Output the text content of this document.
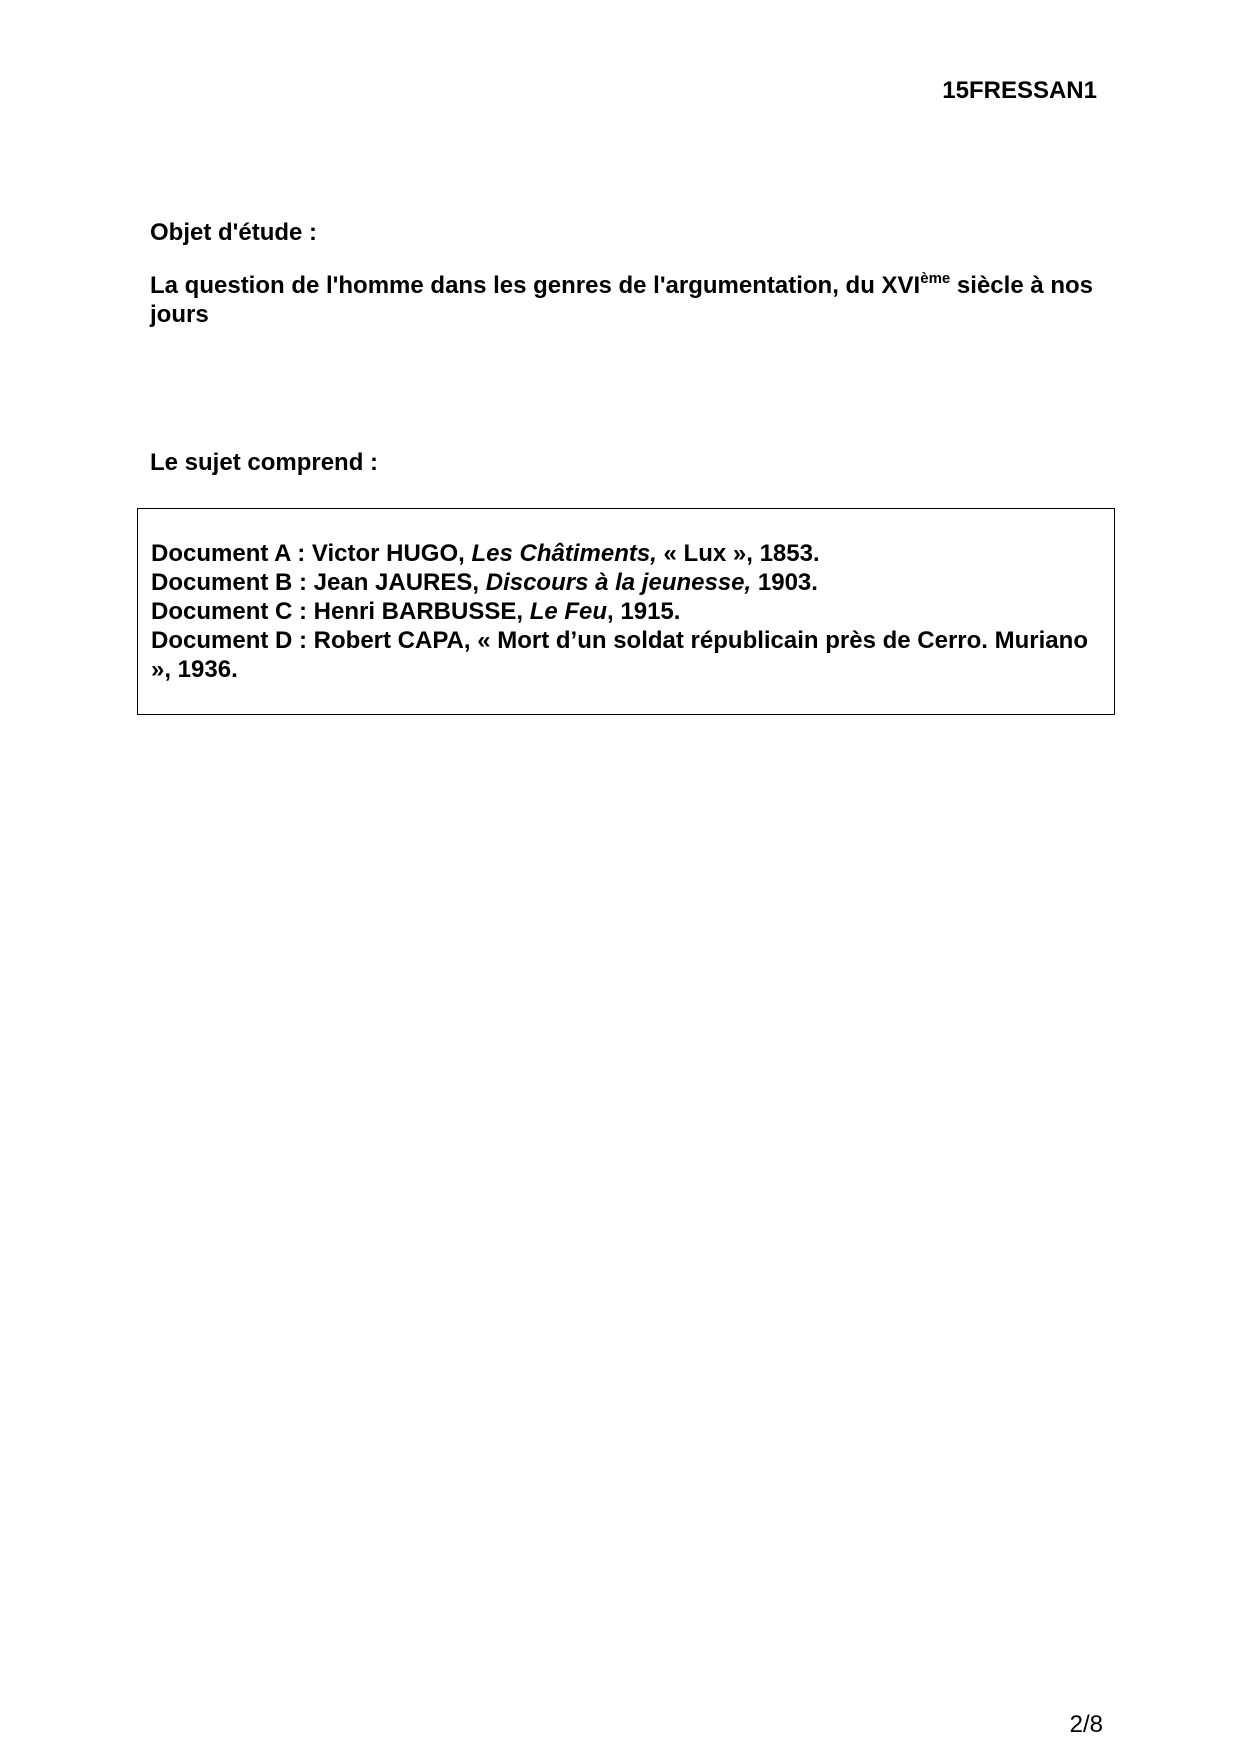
15FRESSAN1
Objet d'étude :
La question de l'homme dans les genres de l'argumentation, du XVIème siècle à nos jours
Le sujet comprend :
Document A : Victor HUGO, Les Châtiments, « Lux », 1853.
Document B : Jean JAURES, Discours à la jeunesse, 1903.
Document C : Henri BARBUSSE, Le Feu, 1915.
Document D : Robert CAPA, « Mort d’un soldat républicain près de Cerro. Muriano », 1936.
2/8
